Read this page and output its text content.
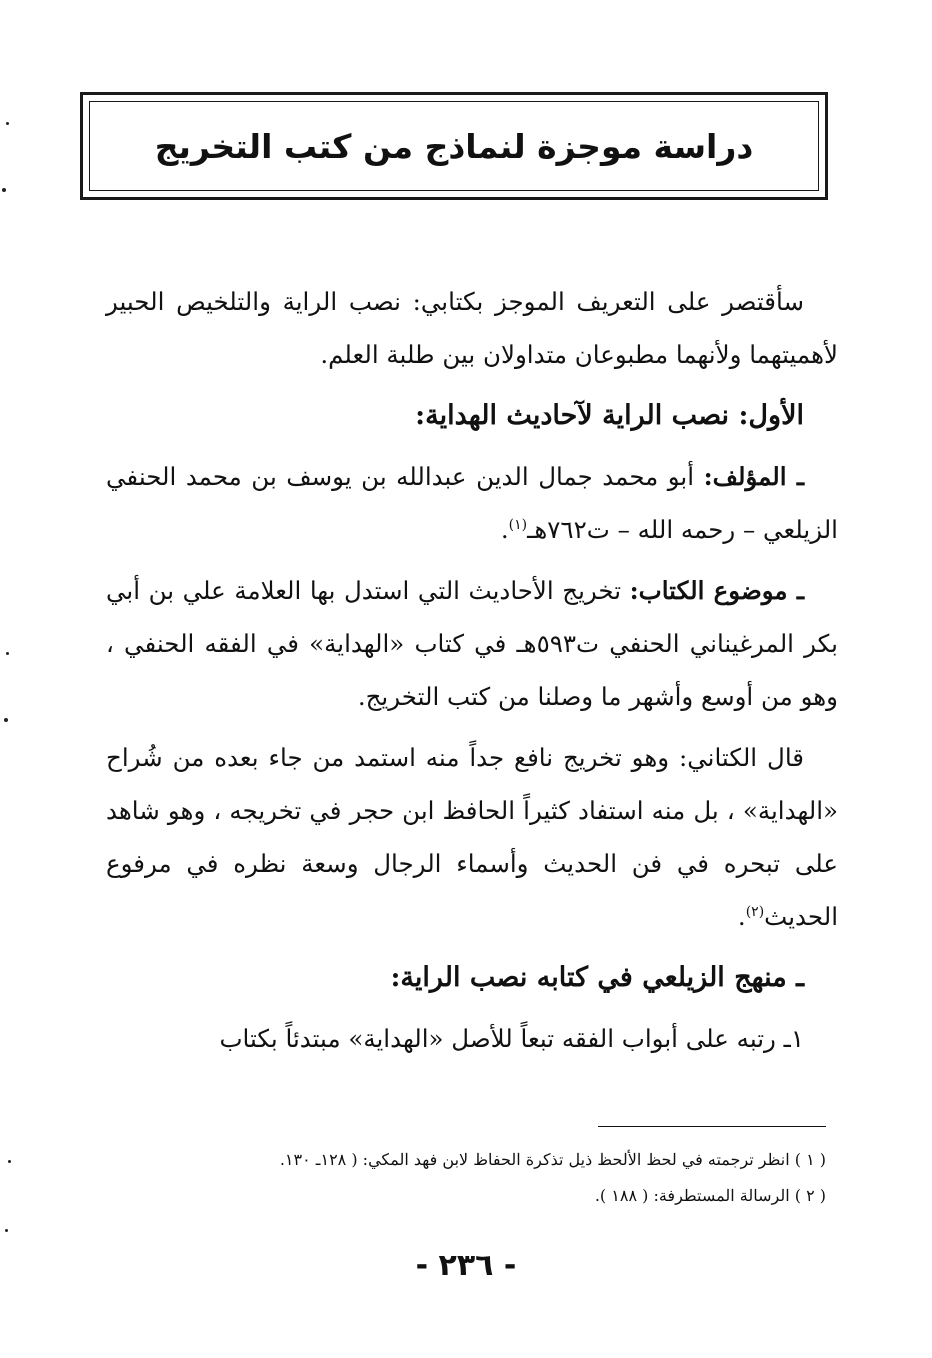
دراسة موجزة لنماذج من كتب التخريج

سأقتصر على التعريف الموجز بكتابي: نصب الراية والتلخيص الحبير لأهميتهما ولأنهما مطبوعان متداولان بين طلبة العلم.

الأول: نصب الراية لآحاديث الهداية:

ـ المؤلف: أبو محمد جمال الدين عبدالله بن يوسف بن محمد الحنفي الزيلعي – رحمه الله – ت٧٦٢هـ$^{(١)}$.

ـ موضوع الكتاب: تخريج الأحاديث التي استدل بها العلامة علي بن أبي بكر المرغيناني الحنفي ت٥٩٣هـ في كتاب «الهداية» في الفقه الحنفي ، وهو من أوسع وأشهر ما وصلنا من كتب التخريج.

قال الكتاني: وهو تخريج نافع جداً منه استمد من جاء بعده من شُراح «الهداية» ، بل منه استفاد كثيراً الحافظ ابن حجر في تخريجه ، وهو شاهد على تبحره في فن الحديث وأسماء الرجال وسعة نظره في مرفوع الحديث$^{(٢)}$.

ـ منهج الزيلعي في كتابه نصب الراية:

١ـ رتبه على أبواب الفقه تبعاً للأصل «الهداية» مبتدئاً بكتاب

( ١ ) انظر ترجمته في لحظ الألحظ ذيل تذكرة الحفاظ لابن فهد المكي: ( ١٢٨ـ ١٣٠.

( ٢ ) الرسالة المستطرفة: ( ١٨٨ ).

- ٢٣٦ -
